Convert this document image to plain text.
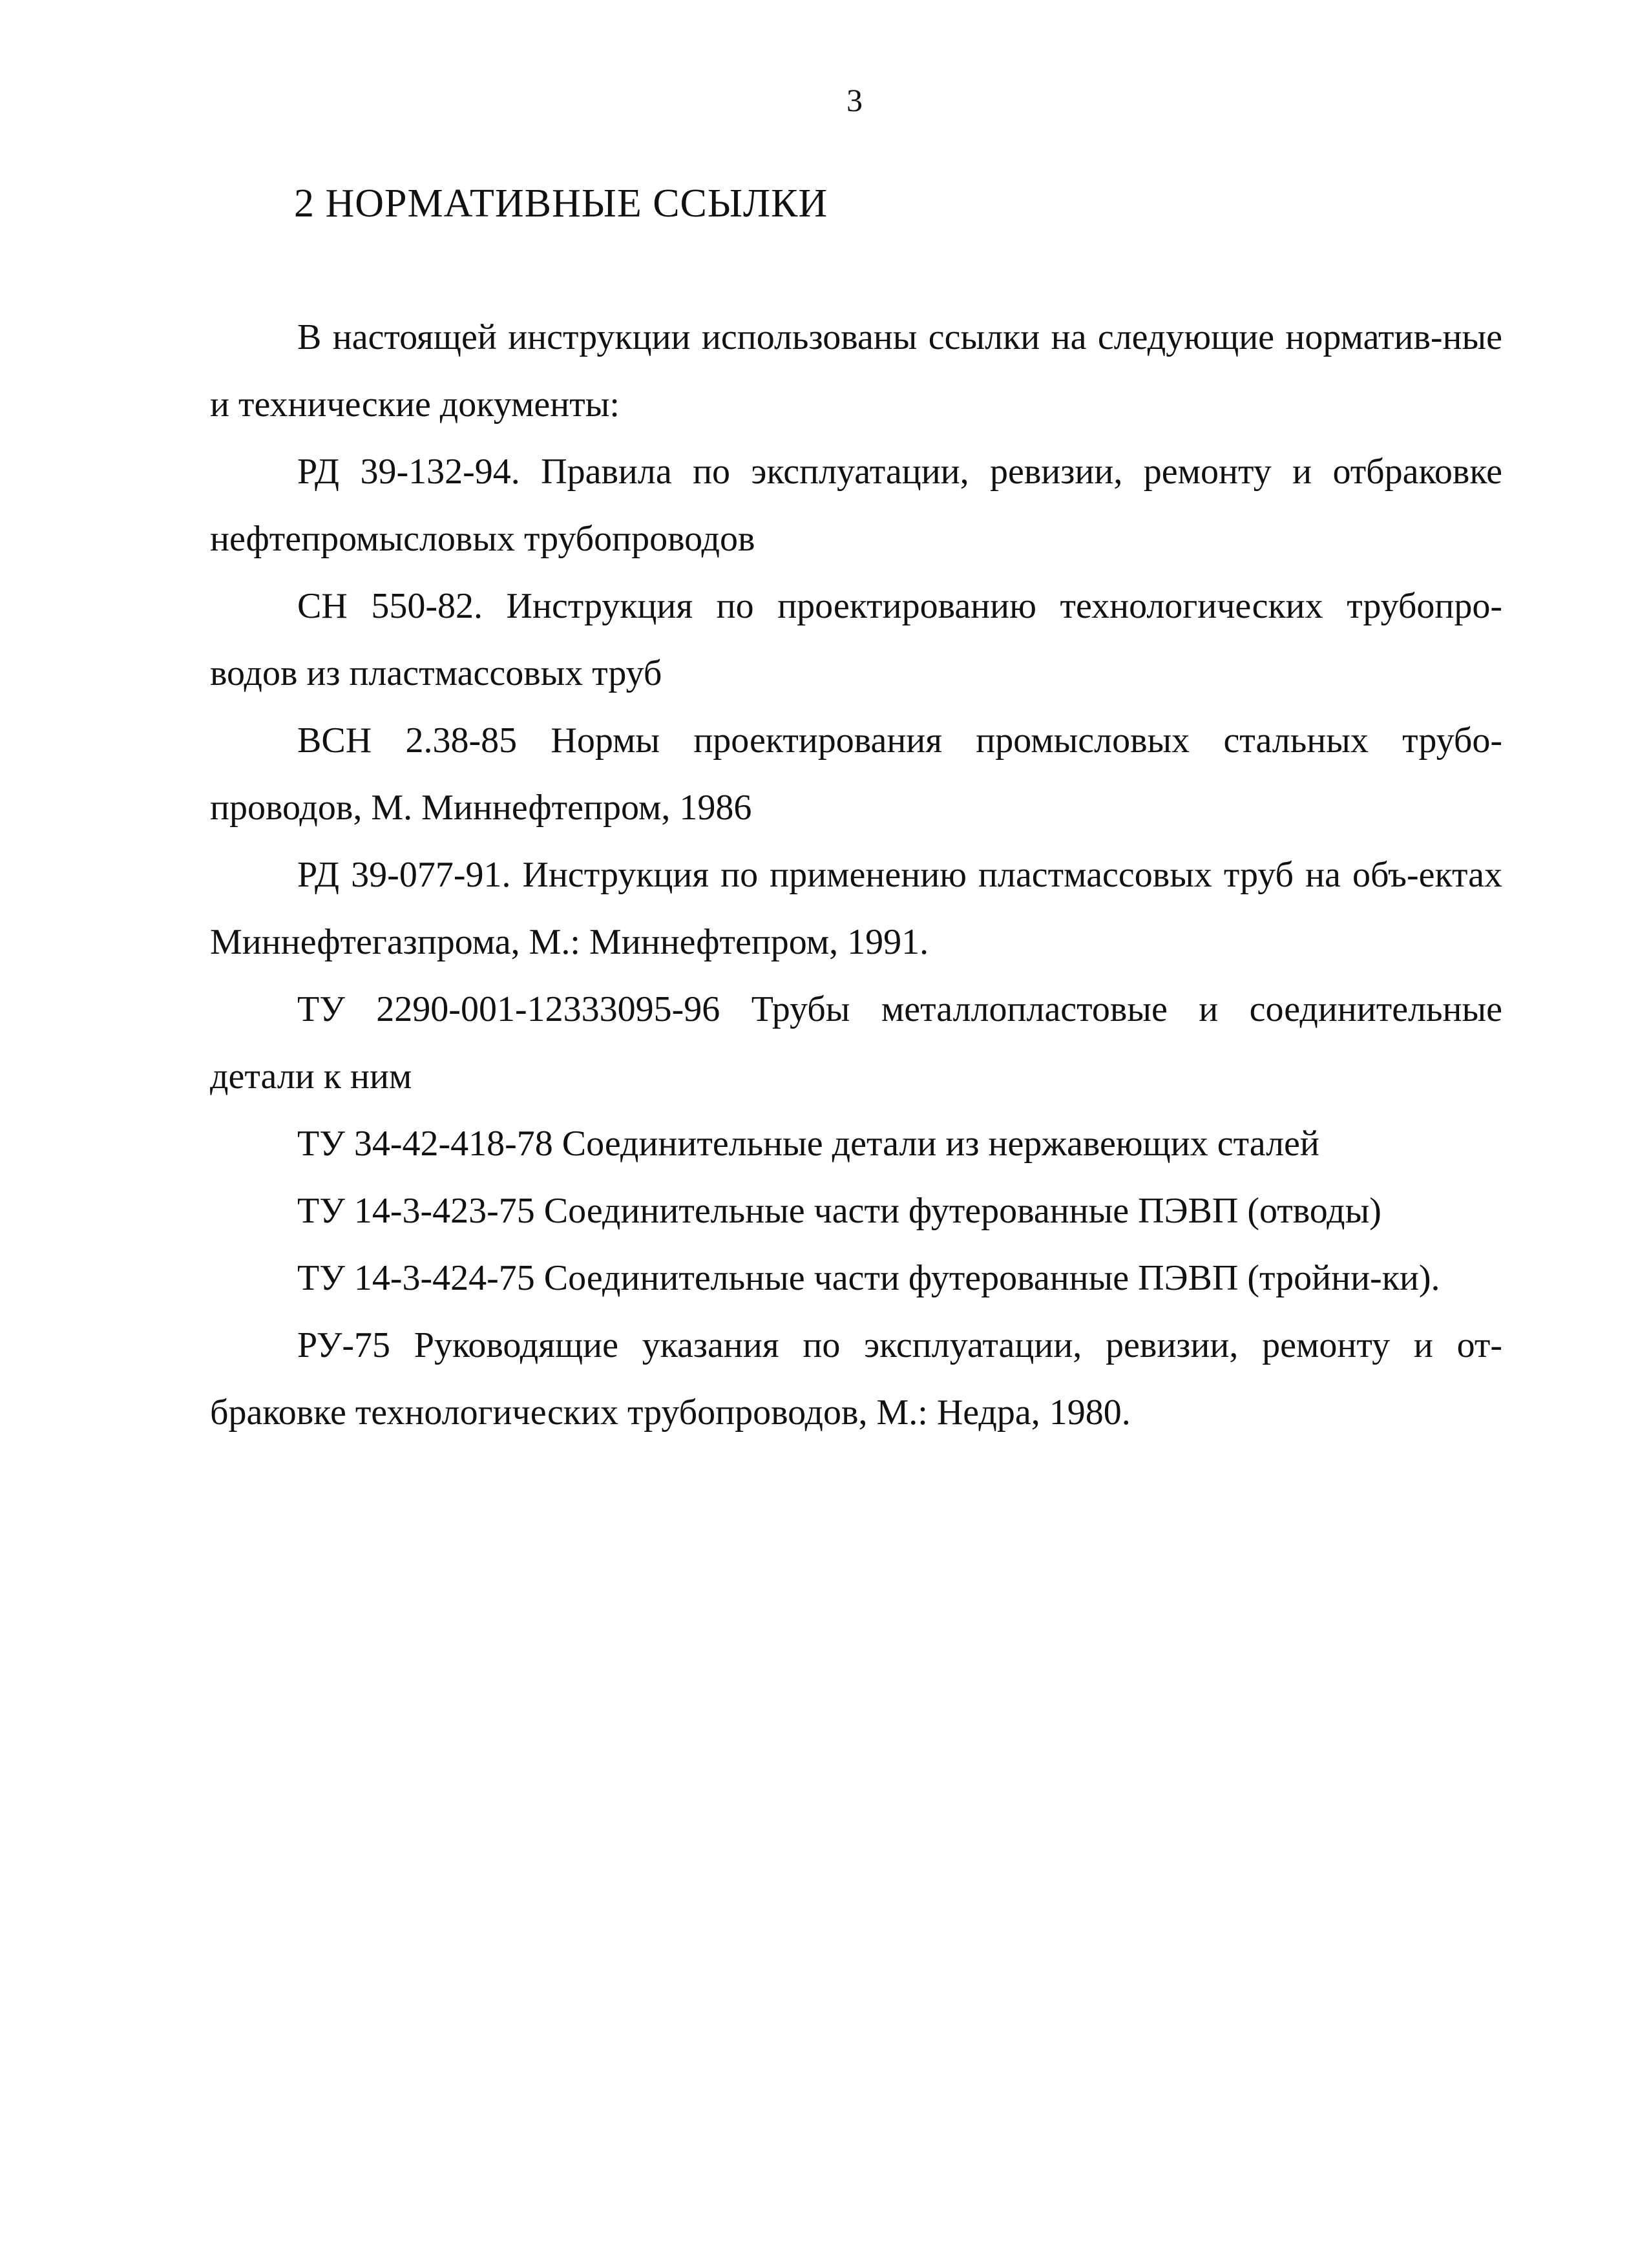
3
2 НОРМАТИВНЫЕ ССЫЛКИ

В настоящей инструкции использованы ссылки на следующие норматив-ные и технические документы:

РД 39-132-94. Правила по эксплуатации, ревизии, ремонту и отбраковке нефтепромысловых трубопроводов

СН 550-82. Инструкция по проектированию технологических трубопро-водов из пластмассовых труб

ВСН 2.38-85 Нормы проектирования промысловых стальных трубо-проводов, М. Миннефтепром, 1986

РД 39-077-91. Инструкция по применению пластмассовых труб на объ-ектах Миннефтегазпрома, М.: Миннефтепром, 1991.

ТУ 2290-001-12333095-96 Трубы металлопластовые и соединительные детали к ним

ТУ 34-42-418-78 Соединительные детали из нержавеющих сталей

ТУ 14-3-423-75 Соединительные части футерованные ПЭВП (отводы)

ТУ 14-3-424-75 Соединительные части футерованные ПЭВП (тройни-ки).

РУ-75 Руководящие указания по эксплуатации, ревизии, ремонту и от-браковке технологических трубопроводов, М.: Недра, 1980.
